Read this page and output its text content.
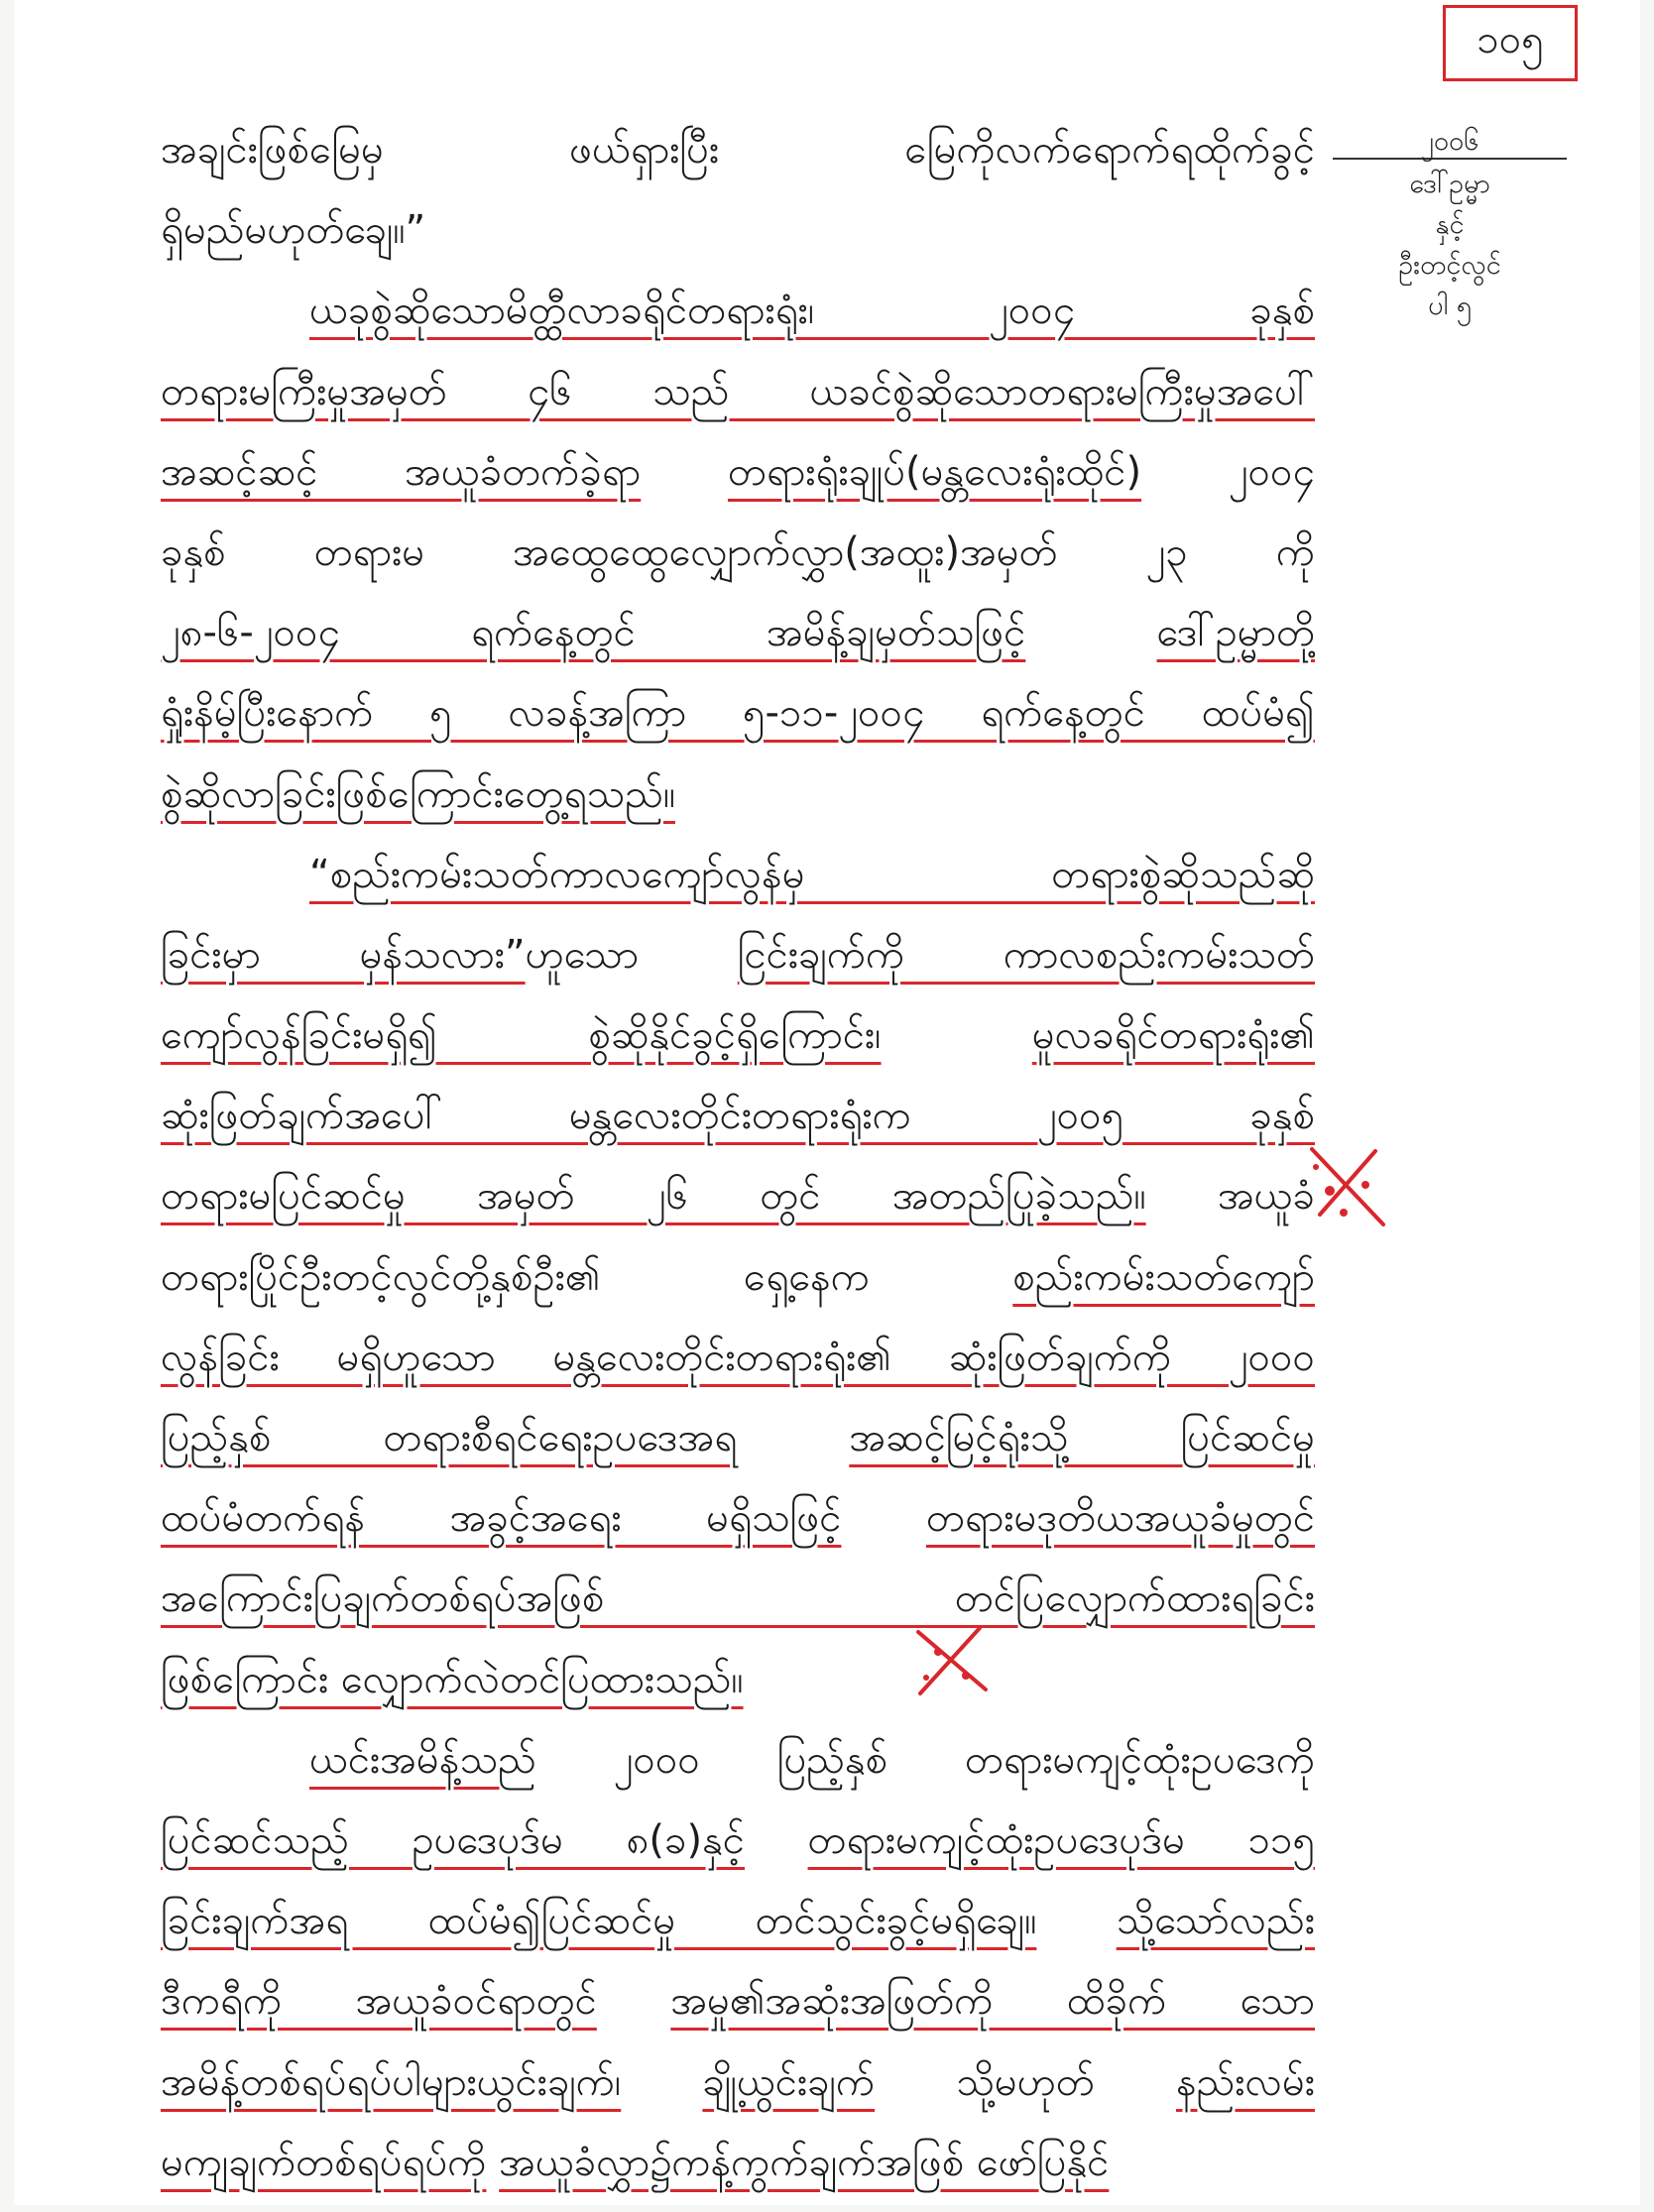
၁၀၅
၂၀၀၆
ဒေါ်ဥမ္မာ
နှင့်
ဦးတင့်လွင်
ပါ ၅
အချင်းဖြစ်မြေမှ ဖယ်ရှားပြီး မြေကိုလက်ရောက်ရထိုက်ခွင့်
ရှိမည်မဟုတ်ချေ။”
ယခုစွဲဆိုသောမိတ္ထီလာခရိုင်တရားရုံး၊ ၂၀၀၄ ခုနှစ်
တရားမကြီးမှုအမှတ် ၄၆ သည် ယခင်စွဲဆိုသောတရားမကြီးမှုအပေါ်
အဆင့်ဆင့် အယူခံတက်ခဲ့ရာ တရားရုံးချုပ်(မန္တလေးရုံးထိုင်) ၂၀၀၄
ခုနှစ် တရားမ အထွေထွေလျှောက်လွှာ(အထူး)အမှတ် ၂၃ ကို
၂၈-၆-၂၀၀၄ ရက်နေ့တွင် အမိန့်ချမှတ်သဖြင့်	ဒေါ်ဥမ္မာတို့
ရှုံးနိမ့်ပြီးနောက် ၅ လခန့်အကြာ ၅-၁၁-၂၀၀၄ ရက်နေ့တွင် ထပ်မံ၍
စွဲဆိုလာခြင်းဖြစ်ကြောင်းတွေ့ရသည်။
“စည်းကမ်းသတ်ကာလကျော်လွန်မှ တရားစွဲဆိုသည်ဆို
ခြင်းမှာ မှန်သလား”ဟူသော ငြင်းချက်ကို ကာလစည်းကမ်းသတ်
ကျော်လွန်ခြင်းမရှိ၍ စွဲဆိုနိုင်ခွင့်ရှိကြောင်း၊	မူလခရိုင်တရားရုံး၏
ဆုံးဖြတ်ချက်အပေါ် မန္တလေးတိုင်းတရားရုံးက ၂၀၀၅ ခုနှစ်
တရားမပြင်ဆင်မှု အမှတ် ၂၆ တွင် အတည်ပြုခဲ့သည်။ အယူခံ
တရားပြိုင်ဦးတင့်လွင်တို့နှစ်ဦး၏ ရှေ့နေက စည်းကမ်းသတ်ကျော်
လွန်ခြင်း မရှိဟူသော မန္တလေးတိုင်းတရားရုံး၏ ဆုံးဖြတ်ချက်ကို ၂၀၀၀
ပြည့်နှစ် တရားစီရင်ရေးဥပဒေအရ	အဆင့်မြင့်ရုံးသို့ ပြင်ဆင်မှု
ထပ်မံတက်ရန် အခွင့်အရေး မရှိသဖြင့် တရားမဒုတိယအယူခံမှုတွင်
အကြောင်းပြချက်တစ်ရပ်အဖြစ် တင်ပြလျှောက်ထားရခြင်း
ဖြစ်ကြောင်း လျှောက်လဲတင်ပြထားသည်။
ယင်းအမိန့်သည် ၂၀၀၀ ပြည့်နှစ် တရားမကျင့်ထုံးဥပဒေကို
ပြင်ဆင်သည့် ဥပဒေပုဒ်မ ၈(ခ)နှင့် တရားမကျင့်ထုံးဥပဒေပုဒ်မ ၁၁၅
ခြင်းချက်အရ ထပ်မံ၍ပြင်ဆင်မှု တင်သွင်းခွင့်မရှိချေ။ သို့သော်လည်း
ဒီကရီကို အယူခံဝင်ရာတွင် အမှု၏အဆုံးအဖြတ်ကို ထိခိုက် သော
အမိန့်တစ်ရပ်ရပ်ပါများယွင်းချက်၊ ချို့ယွင်းချက် သို့မဟုတ် နည်းလမ်း
မကျချက်တစ်ရပ်ရပ်ကို အယူခံလွှာ၌ကန့်ကွက်ချက်အဖြစ် ဖော်ပြနိုင်
